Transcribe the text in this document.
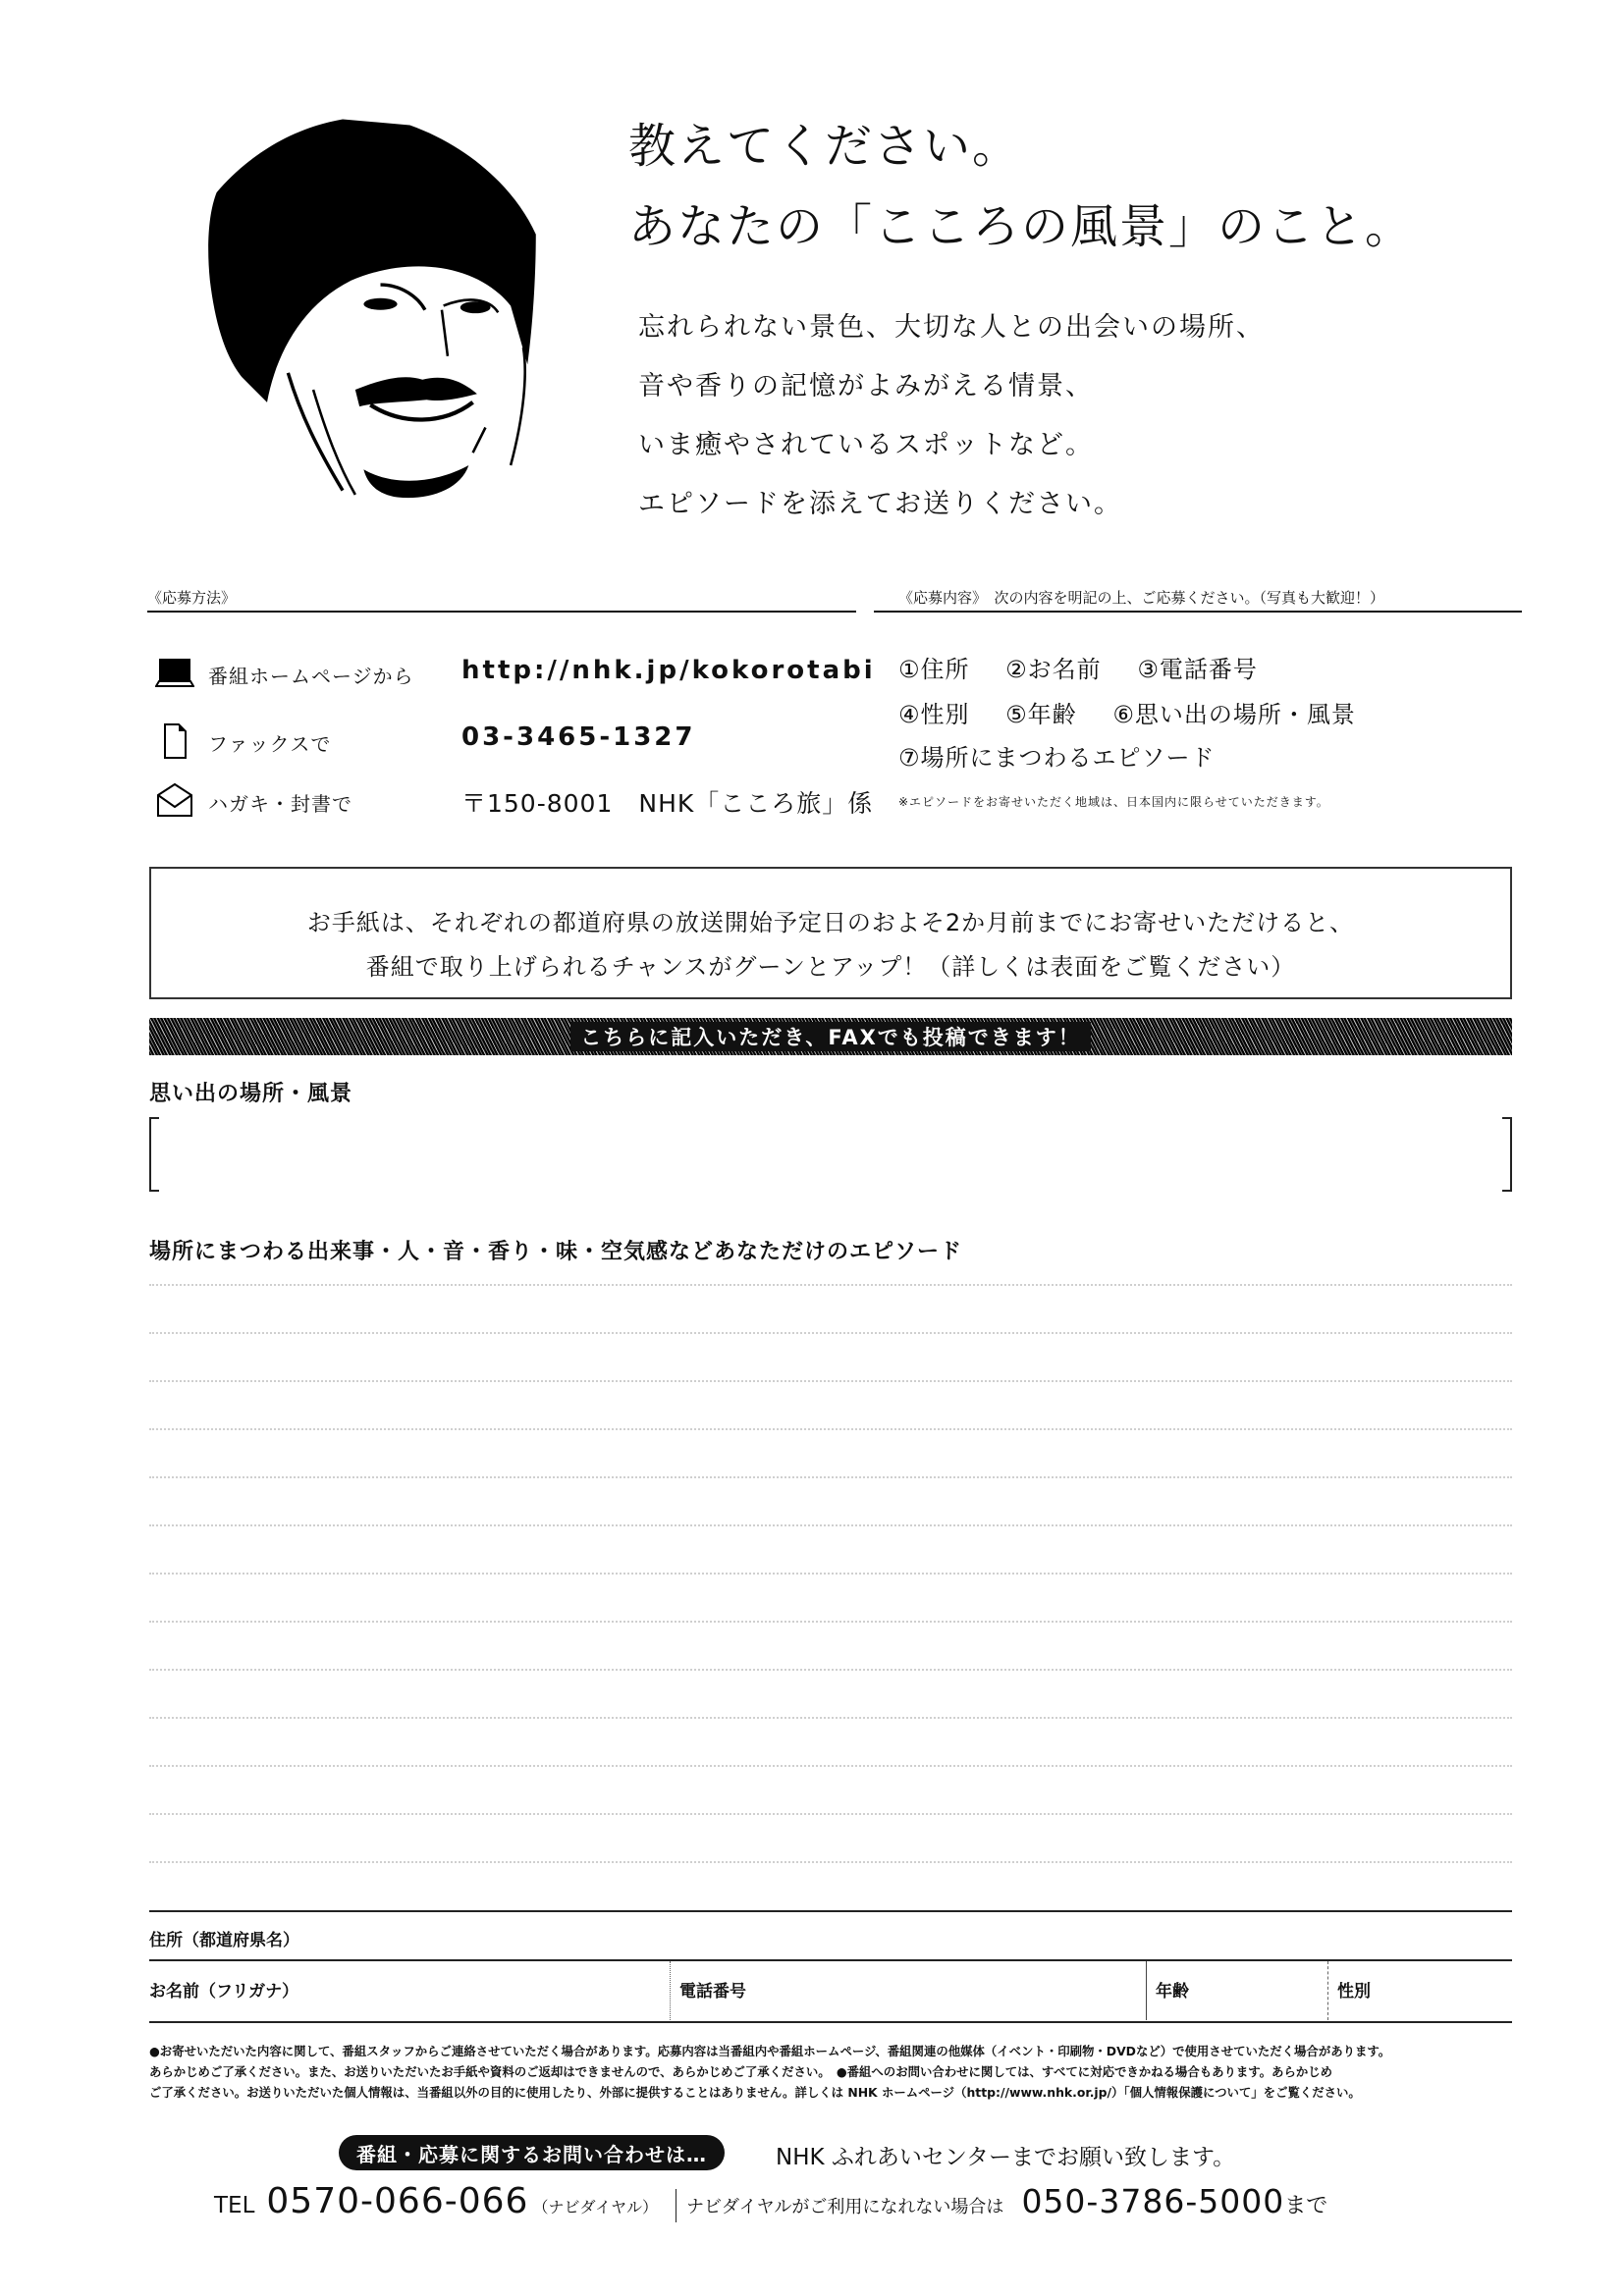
教えてください。
あなたの「こころの風景」のこと。
忘れられない景色、大切な人との出会いの場所、
音や香りの記憶がよみがえる情景、
いま癒やされているスポットなど。
エピソードを添えてお送りください。
《応募方法》
番組ホームページから http://nhk.jp/kokorotabi
ファックスで	03-3465-1327
ハガキ・封書で	〒150-8001　NHK「こころ旅」係
《応募内容》　次の内容を明記の上、ご応募ください。（写真も大歓迎！）
①住所 ②お名前 ③電話番号
④性別 ⑤年齢 ⑥思い出の場所・風景
⑦場所にまつわるエピソード
※エピソードをお寄せいただく地域は、日本国内に限らせていただきます。
お手紙は、それぞれの都道府県の放送開始予定日のおよそ2か月前までにお寄せいただけると、
番組で取り上げられるチャンスがグーンとアップ！（詳しくは表面をご覧ください）
こちらに記入いただき、FAXでも投稿できます！
思い出の場所・風景
場所にまつわる出来事・人・音・香り・味・空気感などあなただけのエピソード
住所（都道府県名）
お名前（フリガナ）	電話番号	年齢	性別
●お寄せいただいた内容に関して、番組スタッフからご連絡させていただく場合があります。応募内容は当番組内や番組ホームページ、番組関連の他媒体（イベント・印刷物・DVDなど）で使用させていただく場合があります。
あらかじめご了承ください。また、お送りいただいたお手紙や資料のご返却はできませんので、あらかじめご了承ください。　●番組へのお問い合わせに関しては、すべてに対応できかねる場合もあります。あらかじめ
ご了承ください。お送りいただいた個人情報は、当番組以外の目的に使用したり、外部に提供することはありません。詳しくは NHK ホームページ（http://www.nhk.or.jp/）「個人情報保護について」をご覧ください。
番組・応募に関するお問い合わせは…	NHK ふれあいセンターまでお願い致します。
TEL 0570-066-066 （ナビダイヤル） ナビダイヤルがご利用になれない場合は 050-3786-5000 まで
